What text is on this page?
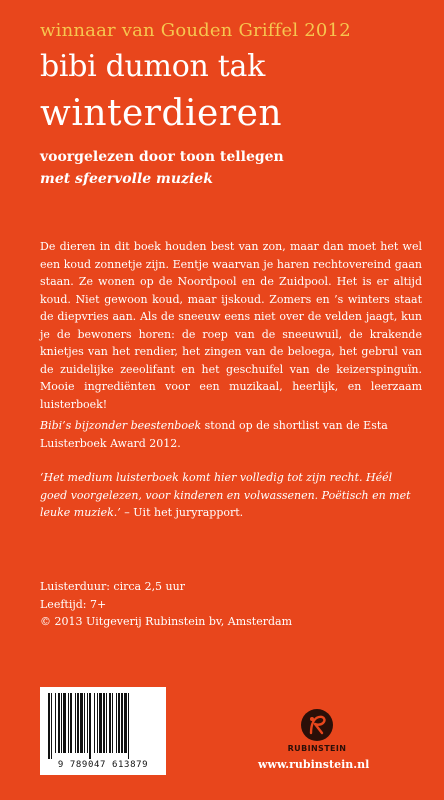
winnaar van Gouden Griffel 2012
bibi dumon tak
winterdieren
voorgelezen door toon tellegen
met sfeervolle muziek

De dieren in dit boek houden best van zon, maar dan moet het wel een koud zonnetje zijn. Eentje waarvan je haren rechtovereind gaan staan. Ze wonen op de Noordpool en de Zuidpool. Het is er altijd koud. Niet gewoon koud, maar ijskoud. Zomers en ’s winters staat de diepvries aan. Als de sneeuw eens niet over de velden jaagt, kun je de bewoners horen: de roep van de sneeuwuil, de krakende knietjes van het rendier, het zingen van de beloega, het gebrul van de zuidelijke zeeolifant en het geschuifel van de keizerspinguïn. Mooie ingrediënten voor een muzikaal, heerlijk, en leerzaam luisterboek!

Bibi’s bijzonder beestenboek stond op de shortlist van de Esta Luisterboek Award 2012.

‘Het medium luisterboek komt hier volledig tot zijn recht. Héél goed voorgelezen, voor kinderen en volwassenen. Poëtisch en met leuke muziek.’ – Uit het juryrapport.

Luisterduur: circa 2,5 uur
Leeftijd: 7+
© 2013 Uitgeverij Rubinstein bv, Amsterdam
9 789047 613879
RUBINSTEIN
www.rubinstein.nl
